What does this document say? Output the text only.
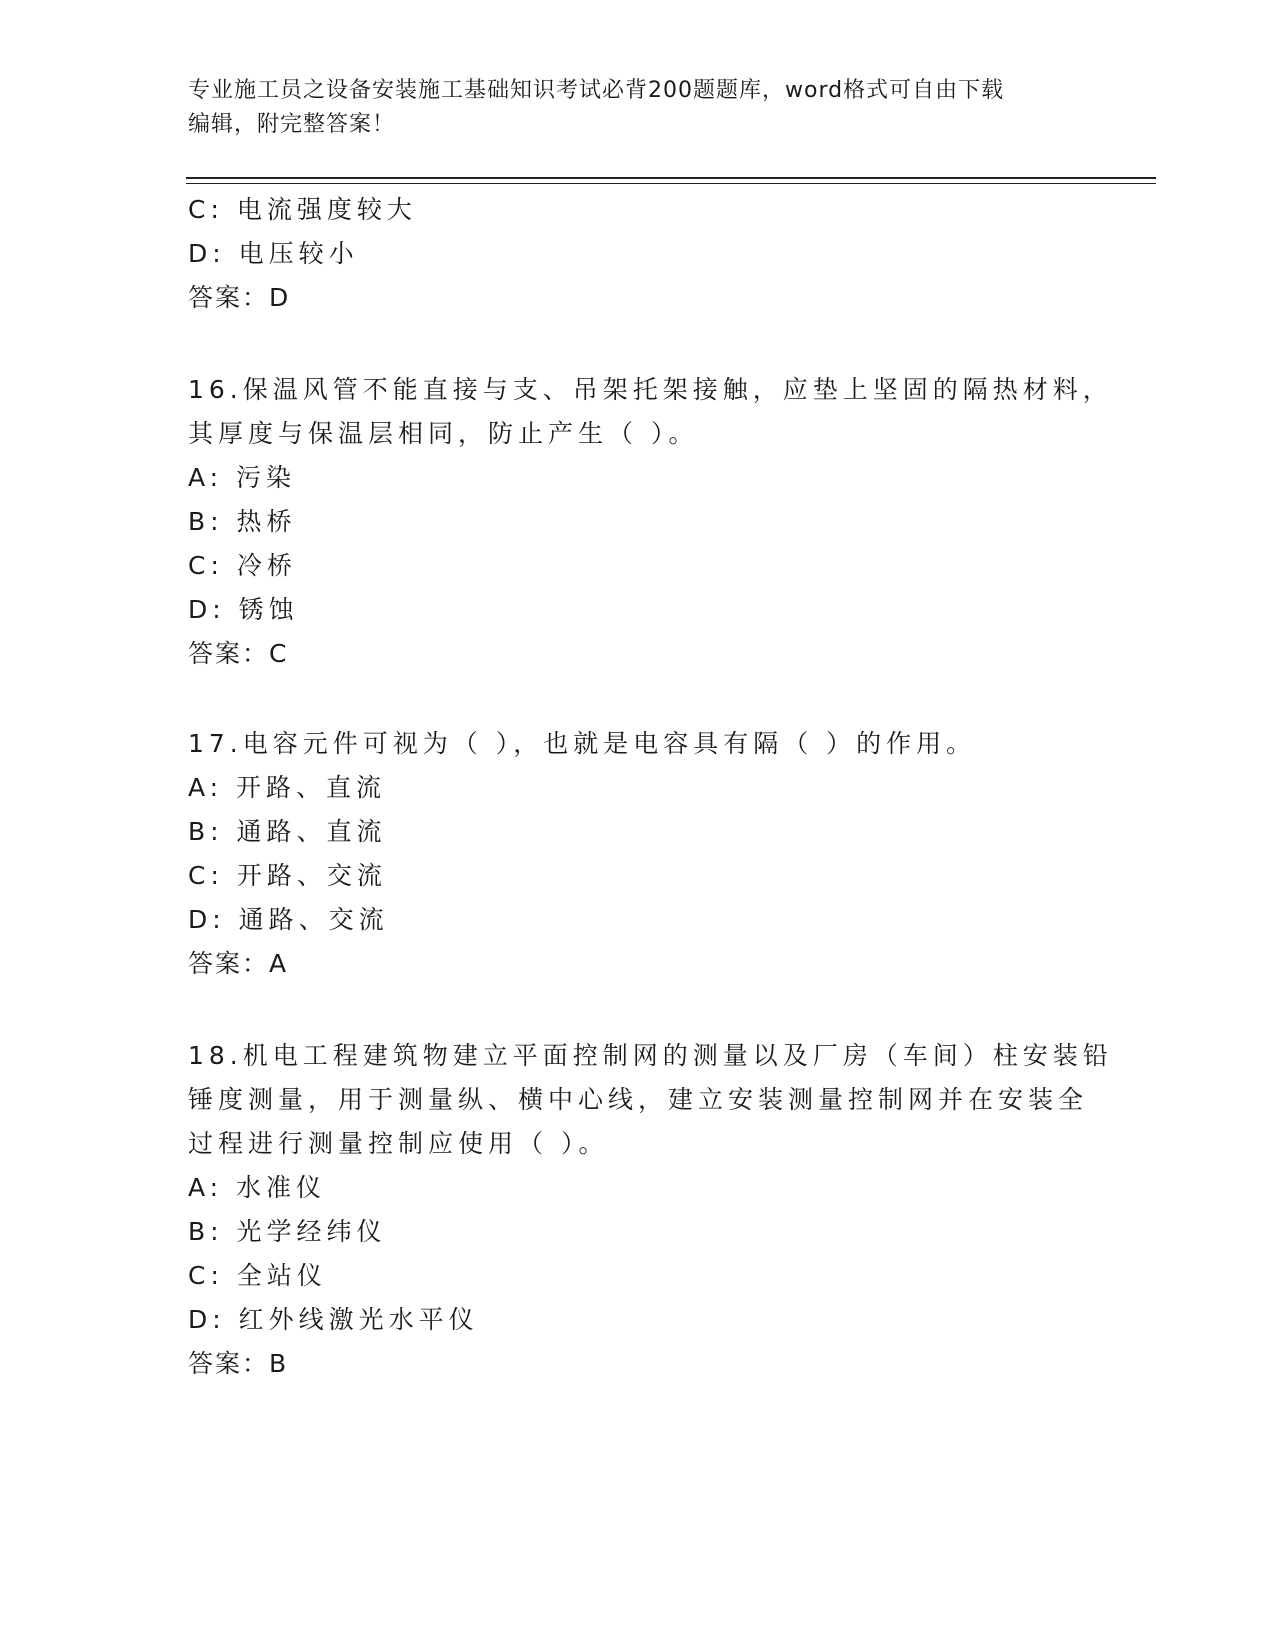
专业施工员之设备安装施工基础知识考试必背200题题库，word格式可自由下载
编辑，附完整答案！
C: 电流强度较大
D: 电压较小
答案：D
16.保温风管不能直接与支、吊架托架接触，应垫上坚固的隔热材料，
其厚度与保温层相同，防止产生（ ）。
A: 污染
B: 热桥
C: 冷桥
D: 锈蚀
答案：C
17.电容元件可视为（ ），也就是电容具有隔（ ）的作用。
A: 开路、直流
B: 通路、直流
C: 开路、交流
D: 通路、交流
答案：A
18.机电工程建筑物建立平面控制网的测量以及厂房（车间）柱安装铅
锤度测量，用于测量纵、横中心线，建立安装测量控制网并在安装全
过程进行测量控制应使用（ ）。
A: 水准仪
B: 光学经纬仪
C: 全站仪
D: 红外线激光水平仪
答案：B
